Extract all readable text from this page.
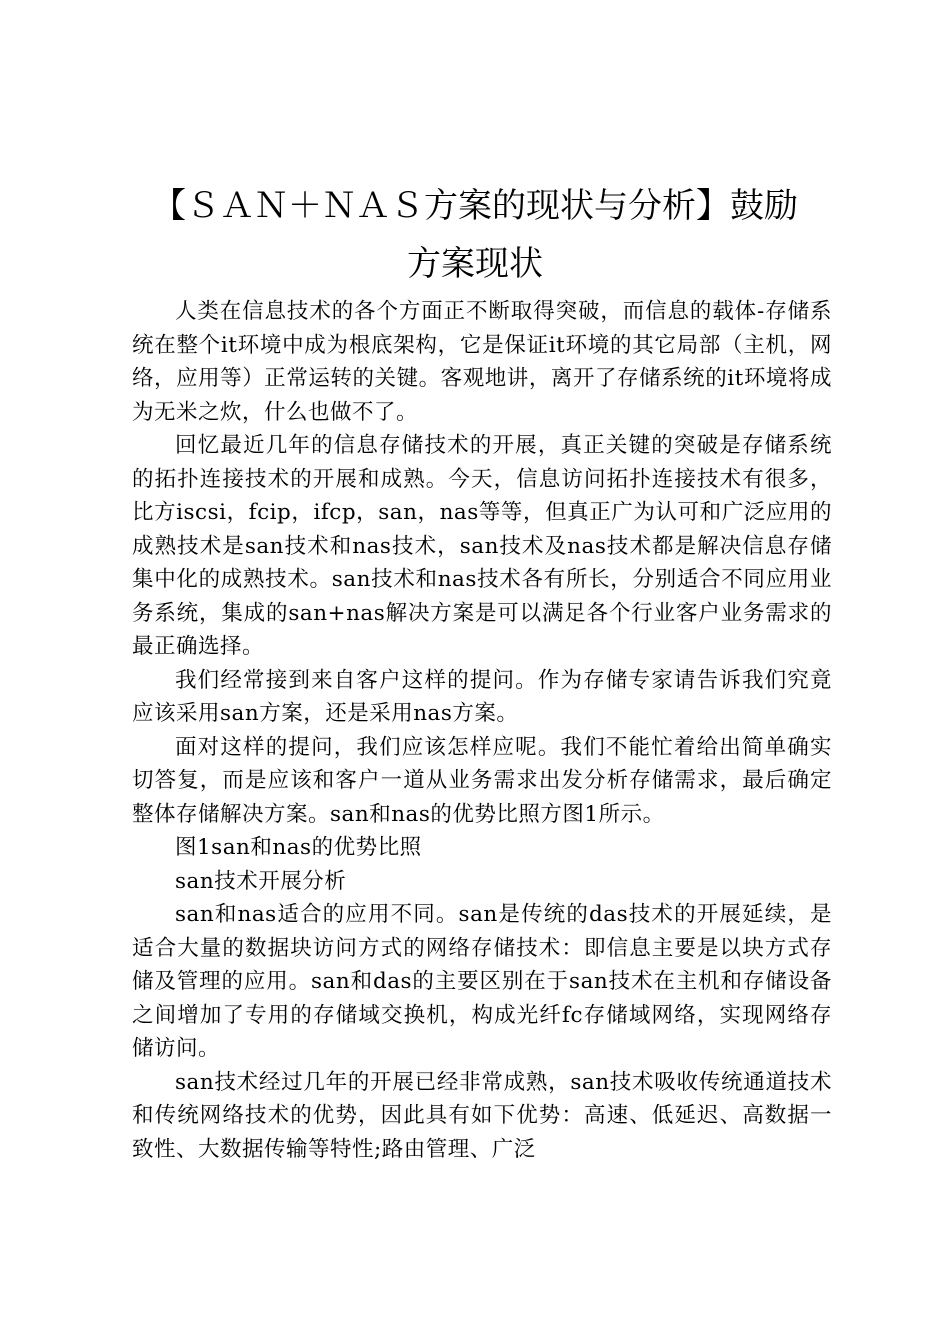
【ＳＡＮ＋ＮＡＳ方案的现状与分析】鼓励
方案现状

人类在信息技术的各个方面正不断取得突破，而信息的载体-存储系统在整个it环境中成为根底架构，它是保证it环境的其它局部（主机，网络，应用等）正常运转的关键。客观地讲，离开了存储系统的it环境将成为无米之炊，什么也做不了。

回忆最近几年的信息存储技术的开展，真正关键的突破是存储系统的拓扑连接技术的开展和成熟。今天，信息访问拓扑连接技术有很多，比方iscsi，fcip，ifcp，san，nas等等，但真正广为认可和广泛应用的成熟技术是san技术和nas技术，san技术及nas技术都是解决信息存储集中化的成熟技术。san技术和nas技术各有所长，分别适合不同应用业务系统，集成的san+nas解决方案是可以满足各个行业客户业务需求的最正确选择。

我们经常接到来自客户这样的提问。作为存储专家请告诉我们究竟应该采用san方案，还是采用nas方案。

面对这样的提问，我们应该怎样应呢。我们不能忙着给出简单确实切答复，而是应该和客户一道从业务需求出发分析存储需求，最后确定整体存储解决方案。san和nas的优势比照方图1所示。

图1san和nas的优势比照

san技术开展分析

san和nas适合的应用不同。san是传统的das技术的开展延续，是适合大量的数据块访问方式的网络存储技术：即信息主要是以块方式存储及管理的应用。san和das的主要区别在于san技术在主机和存储设备之间增加了专用的存储域交换机，构成光纤fc存储域网络，实现网络存储访问。

san技术经过几年的开展已经非常成熟，san技术吸收传统通道技术和传统网络技术的优势，因此具有如下优势：高速、低延迟、高数据一致性、大数据传输等特性;路由管理、广泛
